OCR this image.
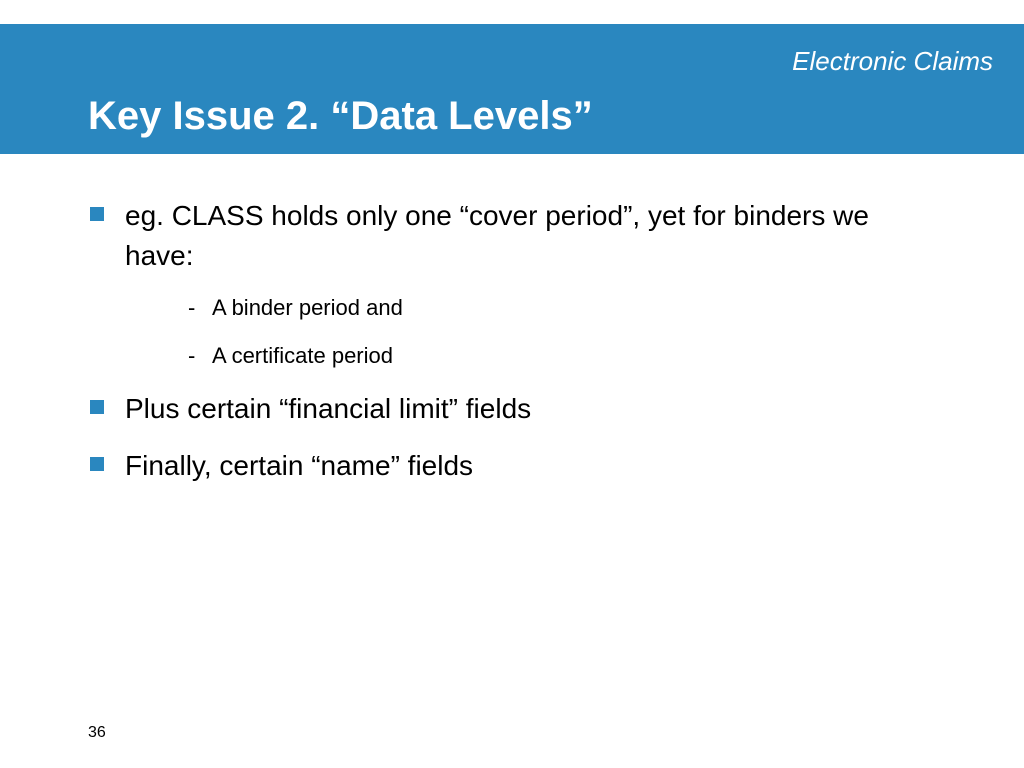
Electronic Claims
Key Issue 2. “Data Levels”
eg. CLASS holds only one “cover period”, yet for binders we have:
- A binder period and
- A certificate period
Plus certain “financial limit” fields
Finally, certain “name” fields
36
